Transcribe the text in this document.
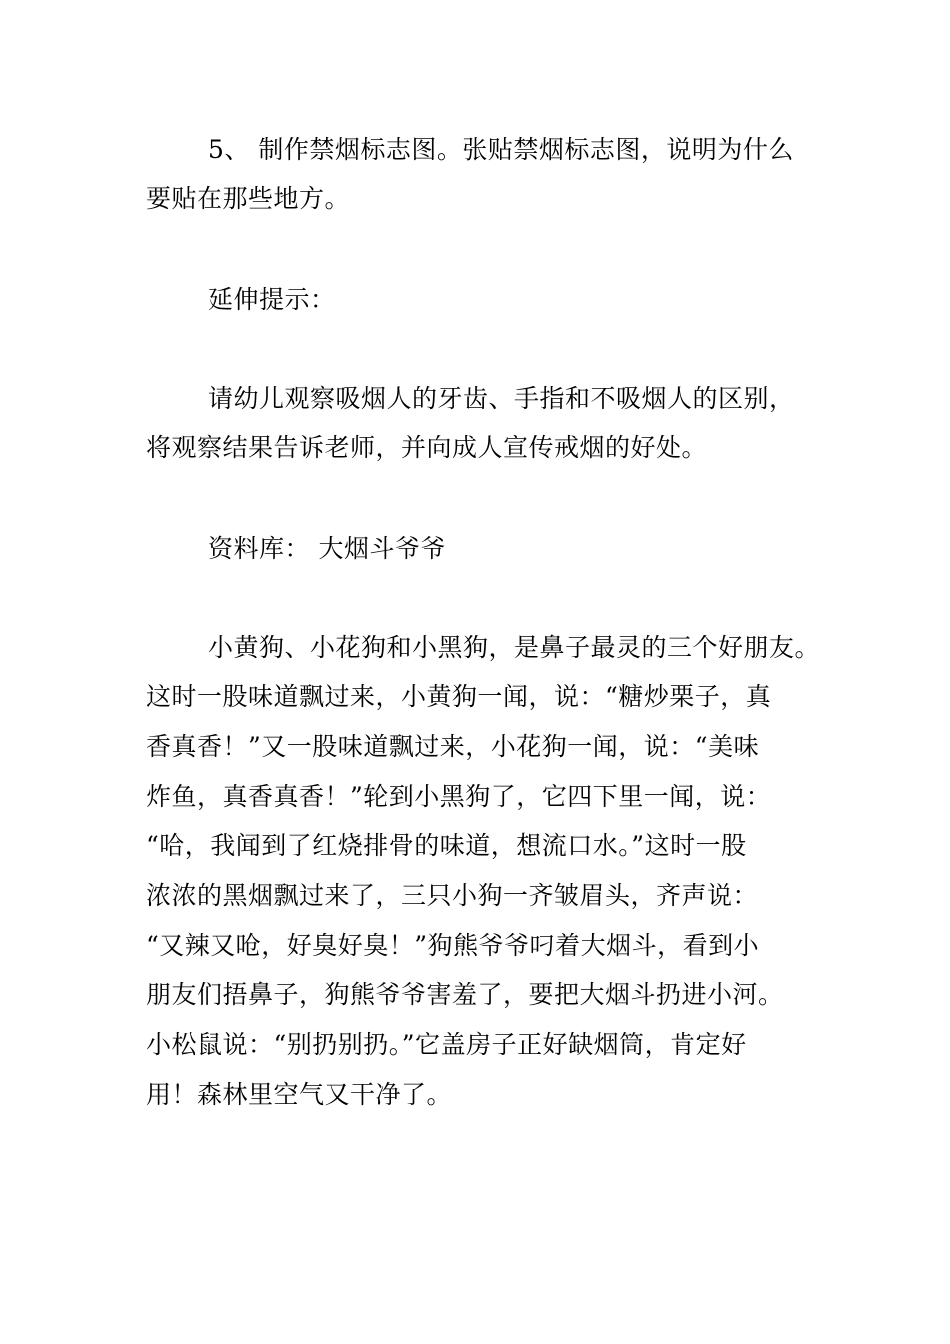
5、 制作禁烟标志图。张贴禁烟标志图，说明为什么
要贴在那些地方。
延伸提示：
请幼儿观察吸烟人的牙齿、手指和不吸烟人的区别，
将观察结果告诉老师，并向成人宣传戒烟的好处。
资料库： 大烟斗爷爷
小黄狗、小花狗和小黑狗，是鼻子最灵的三个好朋友。
这时一股味道飘过来，小黄狗一闻，说：“糖炒栗子，真
香真香！”又一股味道飘过来，小花狗一闻，说：“美味
炸鱼，真香真香！”轮到小黑狗了，它四下里一闻，说：
“哈，我闻到了红烧排骨的味道，想流口水。”这时一股
浓浓的黑烟飘过来了，三只小狗一齐皱眉头，齐声说：
“又辣又呛，好臭好臭！”狗熊爷爷叼着大烟斗，看到小
朋友们捂鼻子，狗熊爷爷害羞了，要把大烟斗扔进小河。
小松鼠说：“别扔别扔。”它盖房子正好缺烟筒，肯定好
用！森林里空气又干净了。
